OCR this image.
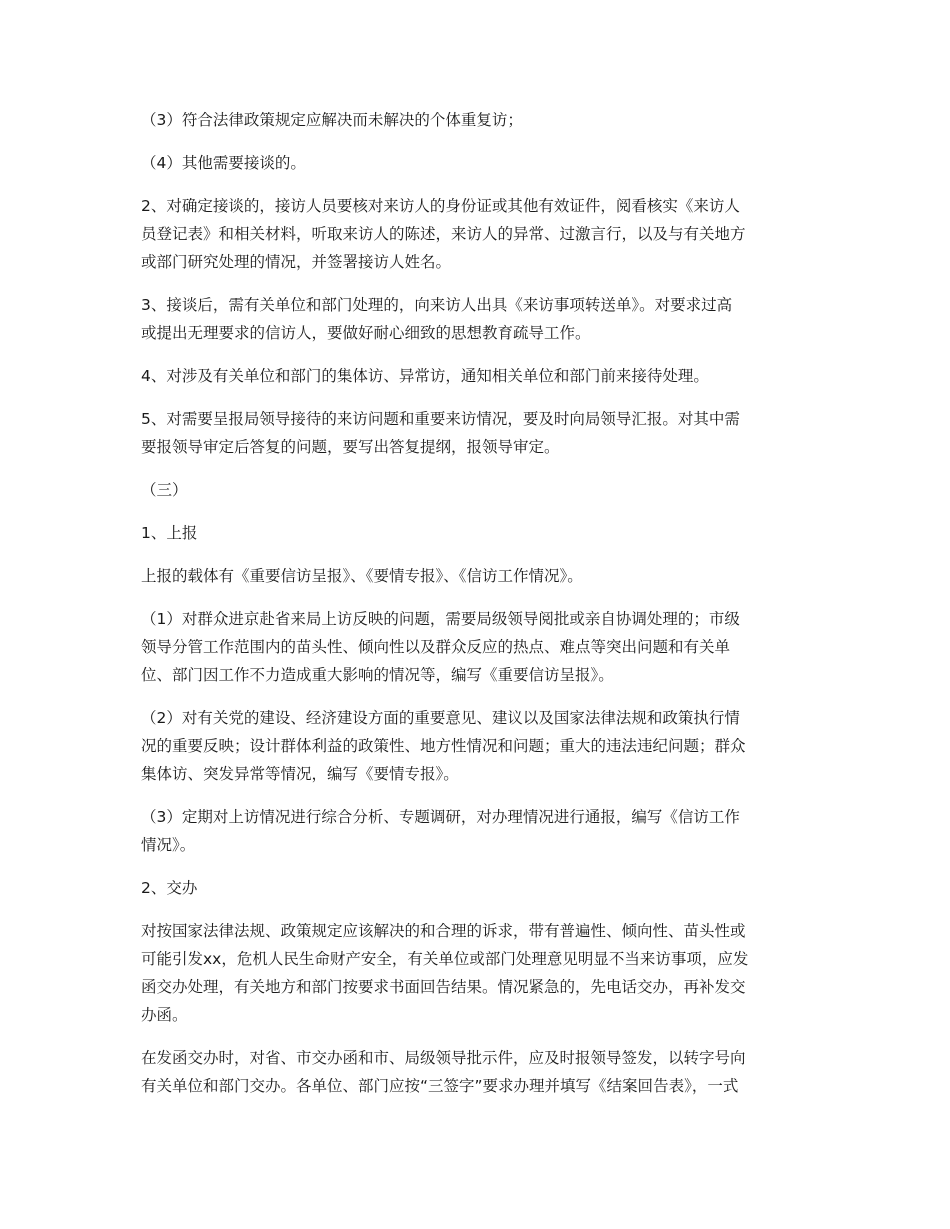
（3）符合法律政策规定应解决而未解决的个体重复访；
（4）其他需要接谈的。
2、对确定接谈的，接访人员要核对来访人的身份证或其他有效证件，阅看核实《来访人
员登记表》和相关材料，听取来访人的陈述，来访人的异常、过激言行，以及与有关地方
或部门研究处理的情况，并签署接访人姓名。
3、接谈后，需有关单位和部门处理的，向来访人出具《来访事项转送单》。对要求过高
或提出无理要求的信访人，要做好耐心细致的思想教育疏导工作。
4、对涉及有关单位和部门的集体访、异常访，通知相关单位和部门前来接待处理。
5、对需要呈报局领导接待的来访问题和重要来访情况，要及时向局领导汇报。对其中需
要报领导审定后答复的问题，要写出答复提纲，报领导审定。
（三）
1、上报
上报的载体有《重要信访呈报》、《要情专报》、《信访工作情况》。
（1）对群众进京赴省来局上访反映的问题，需要局级领导阅批或亲自协调处理的；市级
领导分管工作范围内的苗头性、倾向性以及群众反应的热点、难点等突出问题和有关单
位、部门因工作不力造成重大影响的情况等，编写《重要信访呈报》。
（2）对有关党的建设、经济建设方面的重要意见、建议以及国家法律法规和政策执行情
况的重要反映；设计群体利益的政策性、地方性情况和问题；重大的违法违纪问题；群众
集体访、突发异常等情况，编写《要情专报》。
（3）定期对上访情况进行综合分析、专题调研，对办理情况进行通报，编写《信访工作
情况》。
2、交办
对按国家法律法规、政策规定应该解决的和合理的诉求，带有普遍性、倾向性、苗头性或
可能引发xx，危机人民生命财产安全，有关单位或部门处理意见明显不当来访事项，应发
函交办处理，有关地方和部门按要求书面回告结果。情况紧急的，先电话交办，再补发交
办函。
在发函交办时，对省、市交办函和市、局级领导批示件，应及时报领导签发，以转字号向
有关单位和部门交办。各单位、部门应按“三签字”要求办理并填写《结案回告表》，一式
